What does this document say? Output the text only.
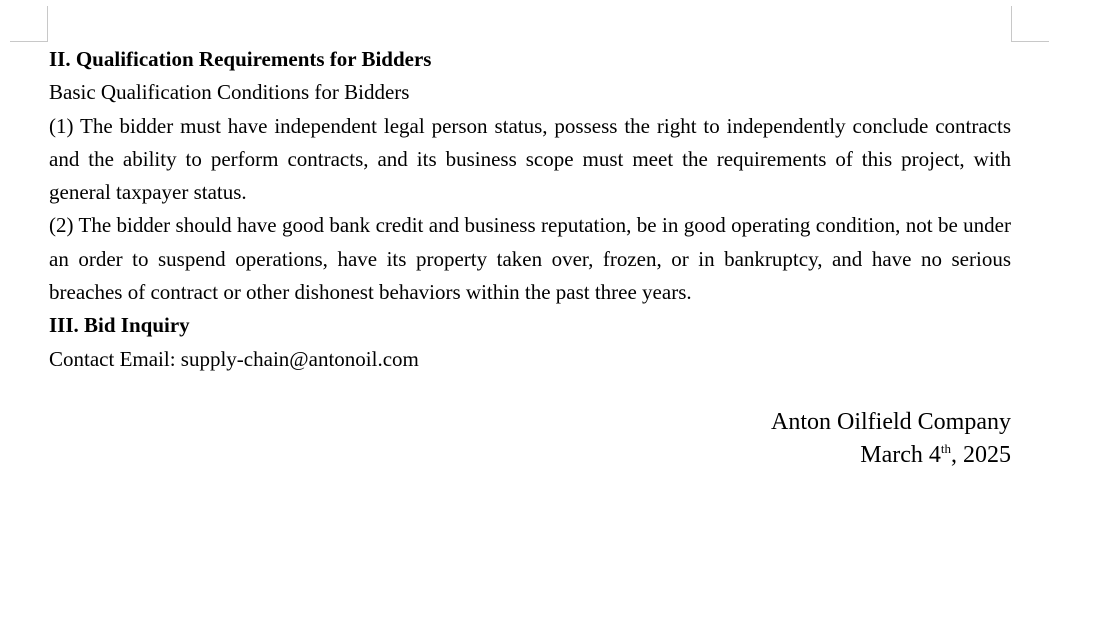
II. Qualification Requirements for Bidders

Basic Qualification Conditions for Bidders

(1) The bidder must have independent legal person status, possess the right to independently conclude contracts and the ability to perform contracts, and its business scope must meet the requirements of this project, with general taxpayer status.

(2) The bidder should have good bank credit and business reputation, be in good operating condition, not be under an order to suspend operations, have its property taken over, frozen, or in bankruptcy, and have no serious breaches of contract or other dishonest behaviors within the past three years.

III. Bid Inquiry

Contact Email: supply-chain@antonoil.com

Anton Oilfield Company

March 4th, 2025
